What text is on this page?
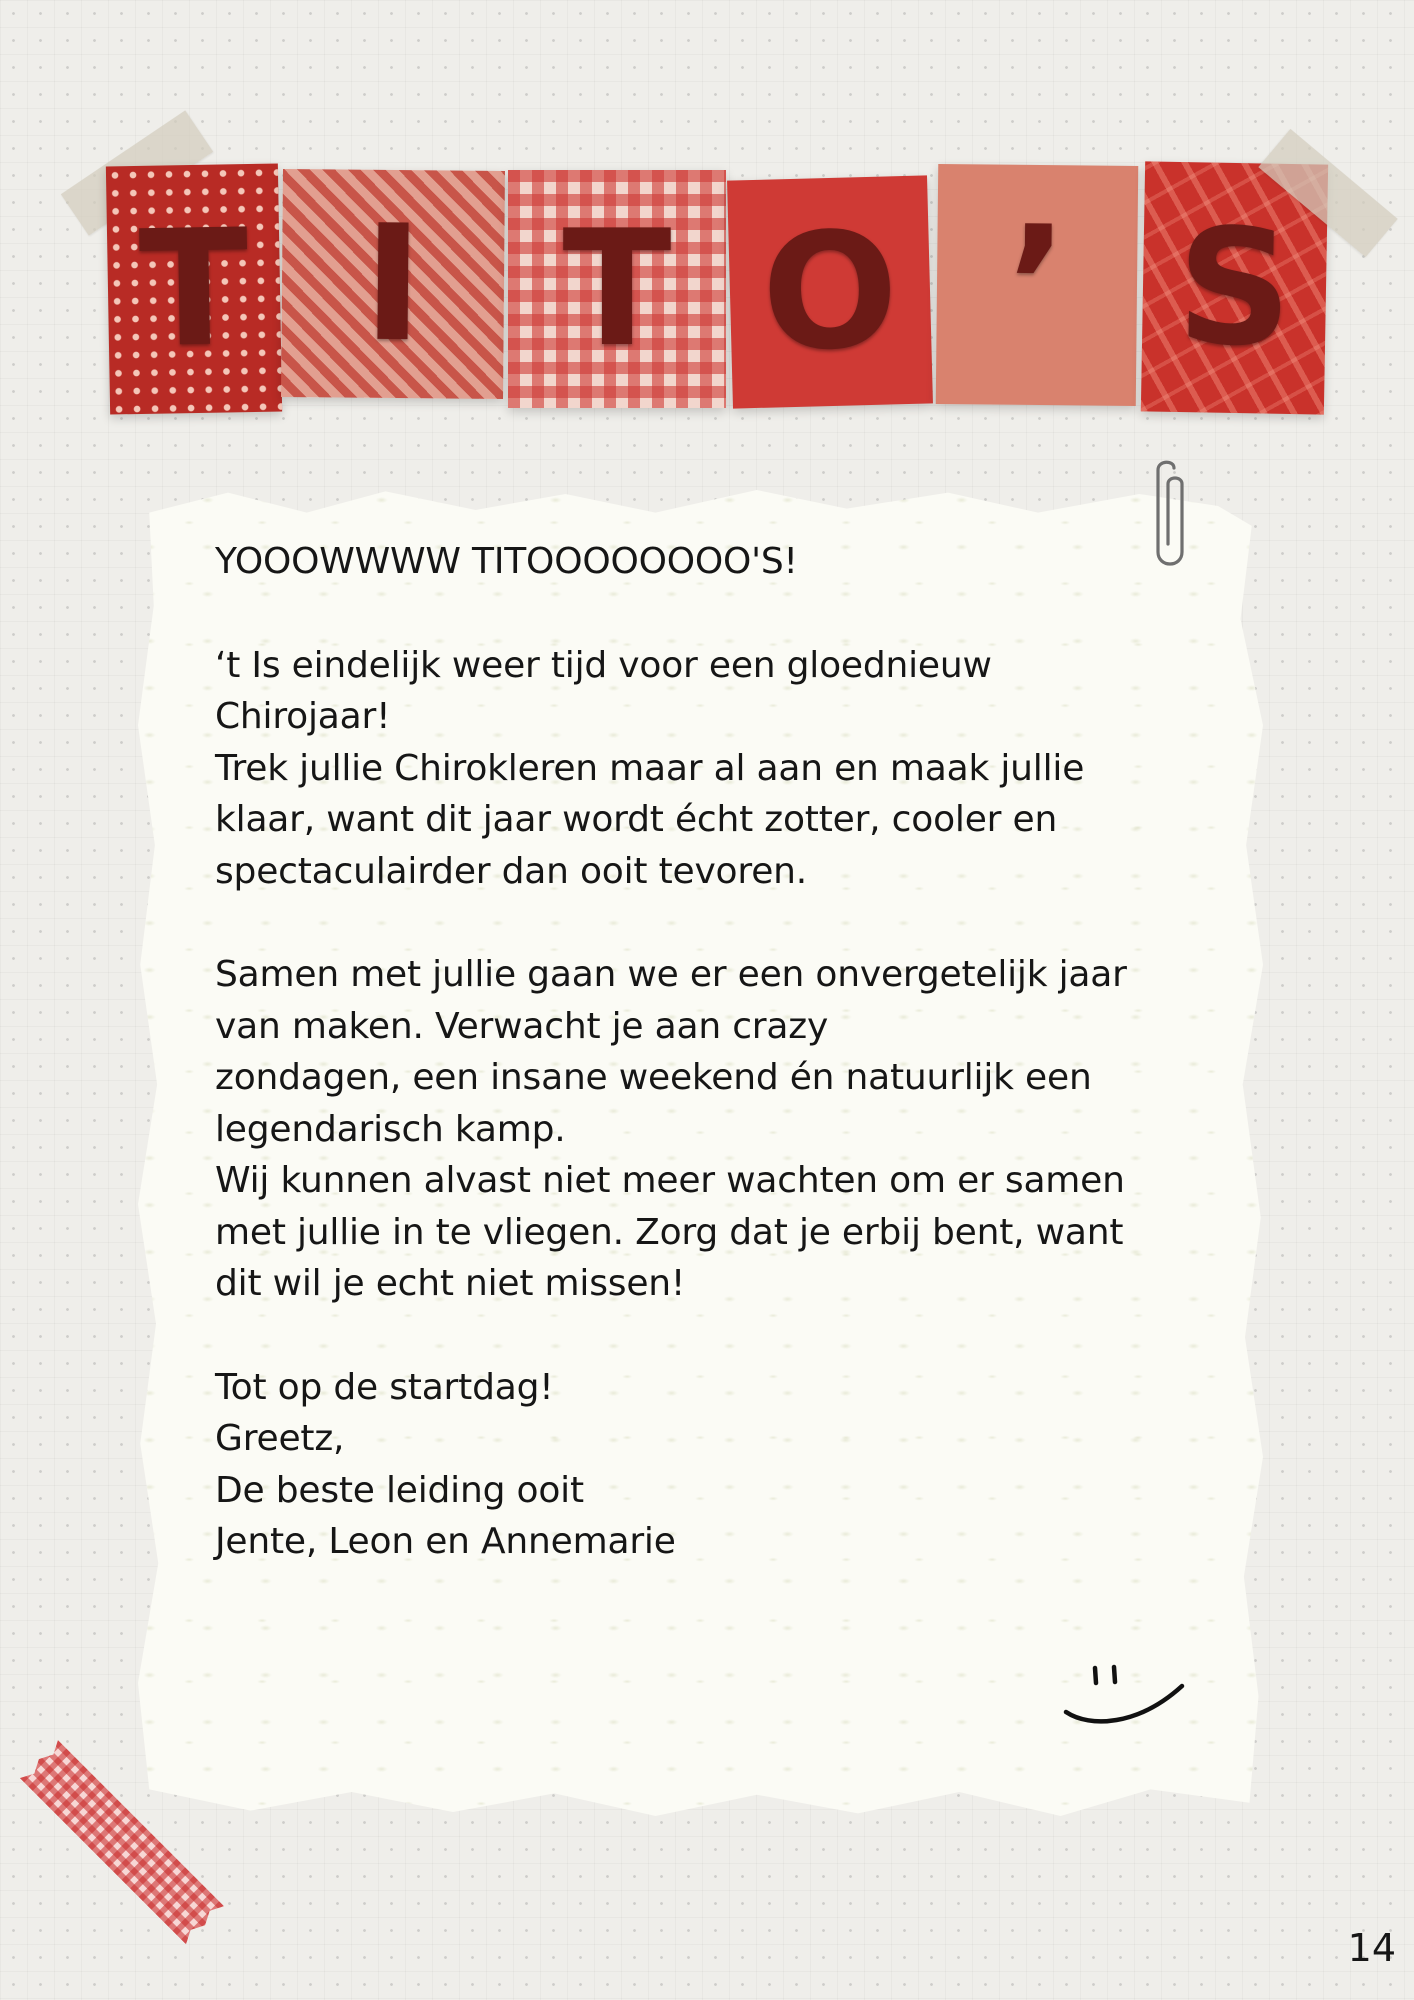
T I T O ’ S

YOOOWWWW TITOOOOOOOO'S!

‘t Is eindelijk weer tijd voor een gloednieuw
Chirojaar!
Trek jullie Chirokleren maar al aan en maak jullie
klaar, want dit jaar wordt écht zotter, cooler en
spectaculairder dan ooit tevoren.

Samen met jullie gaan we er een onvergetelijk jaar
van maken. Verwacht je aan crazy
zondagen, een insane weekend én natuurlijk een
legendarisch kamp.
Wij kunnen alvast niet meer wachten om er samen
met jullie in te vliegen. Zorg dat je erbij bent, want
dit wil je echt niet missen!

Tot op de startdag!
Greetz,
De beste leiding ooit
Jente, Leon en Annemarie

14
